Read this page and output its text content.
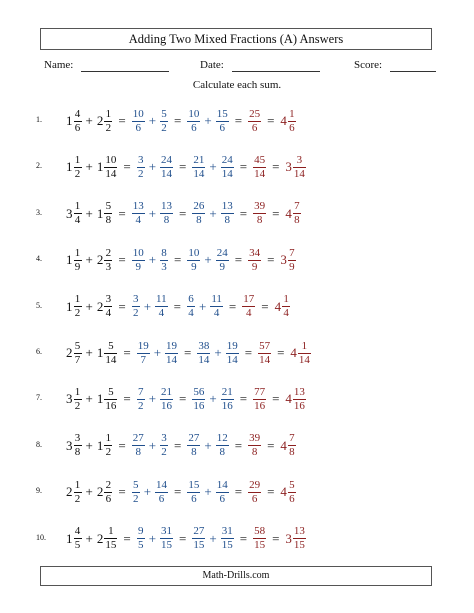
Adding Two Mixed Fractions (A) Answers
Name:	Date:	Score:
Calculate each sum.
1.	$1 \frac{4}{6} + 2 \frac{1}{2} = \frac{10}{6} + \frac{5}{2} = \frac{10}{6} + \frac{15}{6} = \frac{25}{6} = 4 \frac{1}{6}$
2.	$1 \frac{1}{2} + 1 \frac{10}{14} = \frac{3}{2} + \frac{24}{14} = \frac{21}{14} + \frac{24}{14} = \frac{45}{14} = 3 \frac{3}{14}$
3.	$3 \frac{1}{4} + 1 \frac{5}{8} = \frac{13}{4} + \frac{13}{8} = \frac{26}{8} + \frac{13}{8} = \frac{39}{8} = 4 \frac{7}{8}$
4.	$1 \frac{1}{9} + 2 \frac{2}{3} = \frac{10}{9} + \frac{8}{3} = \frac{10}{9} + \frac{24}{9} = \frac{34}{9} = 3 \frac{7}{9}$
5.	$1 \frac{1}{2} + 2 \frac{3}{4} = \frac{3}{2} + \frac{11}{4} = \frac{6}{4} + \frac{11}{4} = \frac{17}{4} = 4 \frac{1}{4}$
6.	$2 \frac{5}{7} + 1 \frac{5}{14} = \frac{19}{7} + \frac{19}{14} = \frac{38}{14} + \frac{19}{14} = \frac{57}{14} = 4 \frac{1}{14}$
7.	$3 \frac{1}{2} + 1 \frac{5}{16} = \frac{7}{2} + \frac{21}{16} = \frac{56}{16} + \frac{21}{16} = \frac{77}{16} = 4 \frac{13}{16}$
8.	$3 \frac{3}{8} + 1 \frac{1}{2} = \frac{27}{8} + \frac{3}{2} = \frac{27}{8} + \frac{12}{8} = \frac{39}{8} = 4 \frac{7}{8}$
9.	$2 \frac{1}{2} + 2 \frac{2}{6} = \frac{5}{2} + \frac{14}{6} = \frac{15}{6} + \frac{14}{6} = \frac{29}{6} = 4 \frac{5}{6}$
10.	$1 \frac{4}{5} + 2 \frac{1}{15} = \frac{9}{5} + \frac{31}{15} = \frac{27}{15} + \frac{31}{15} = \frac{58}{15} = 3 \frac{13}{15}$
Math-Drills.com
